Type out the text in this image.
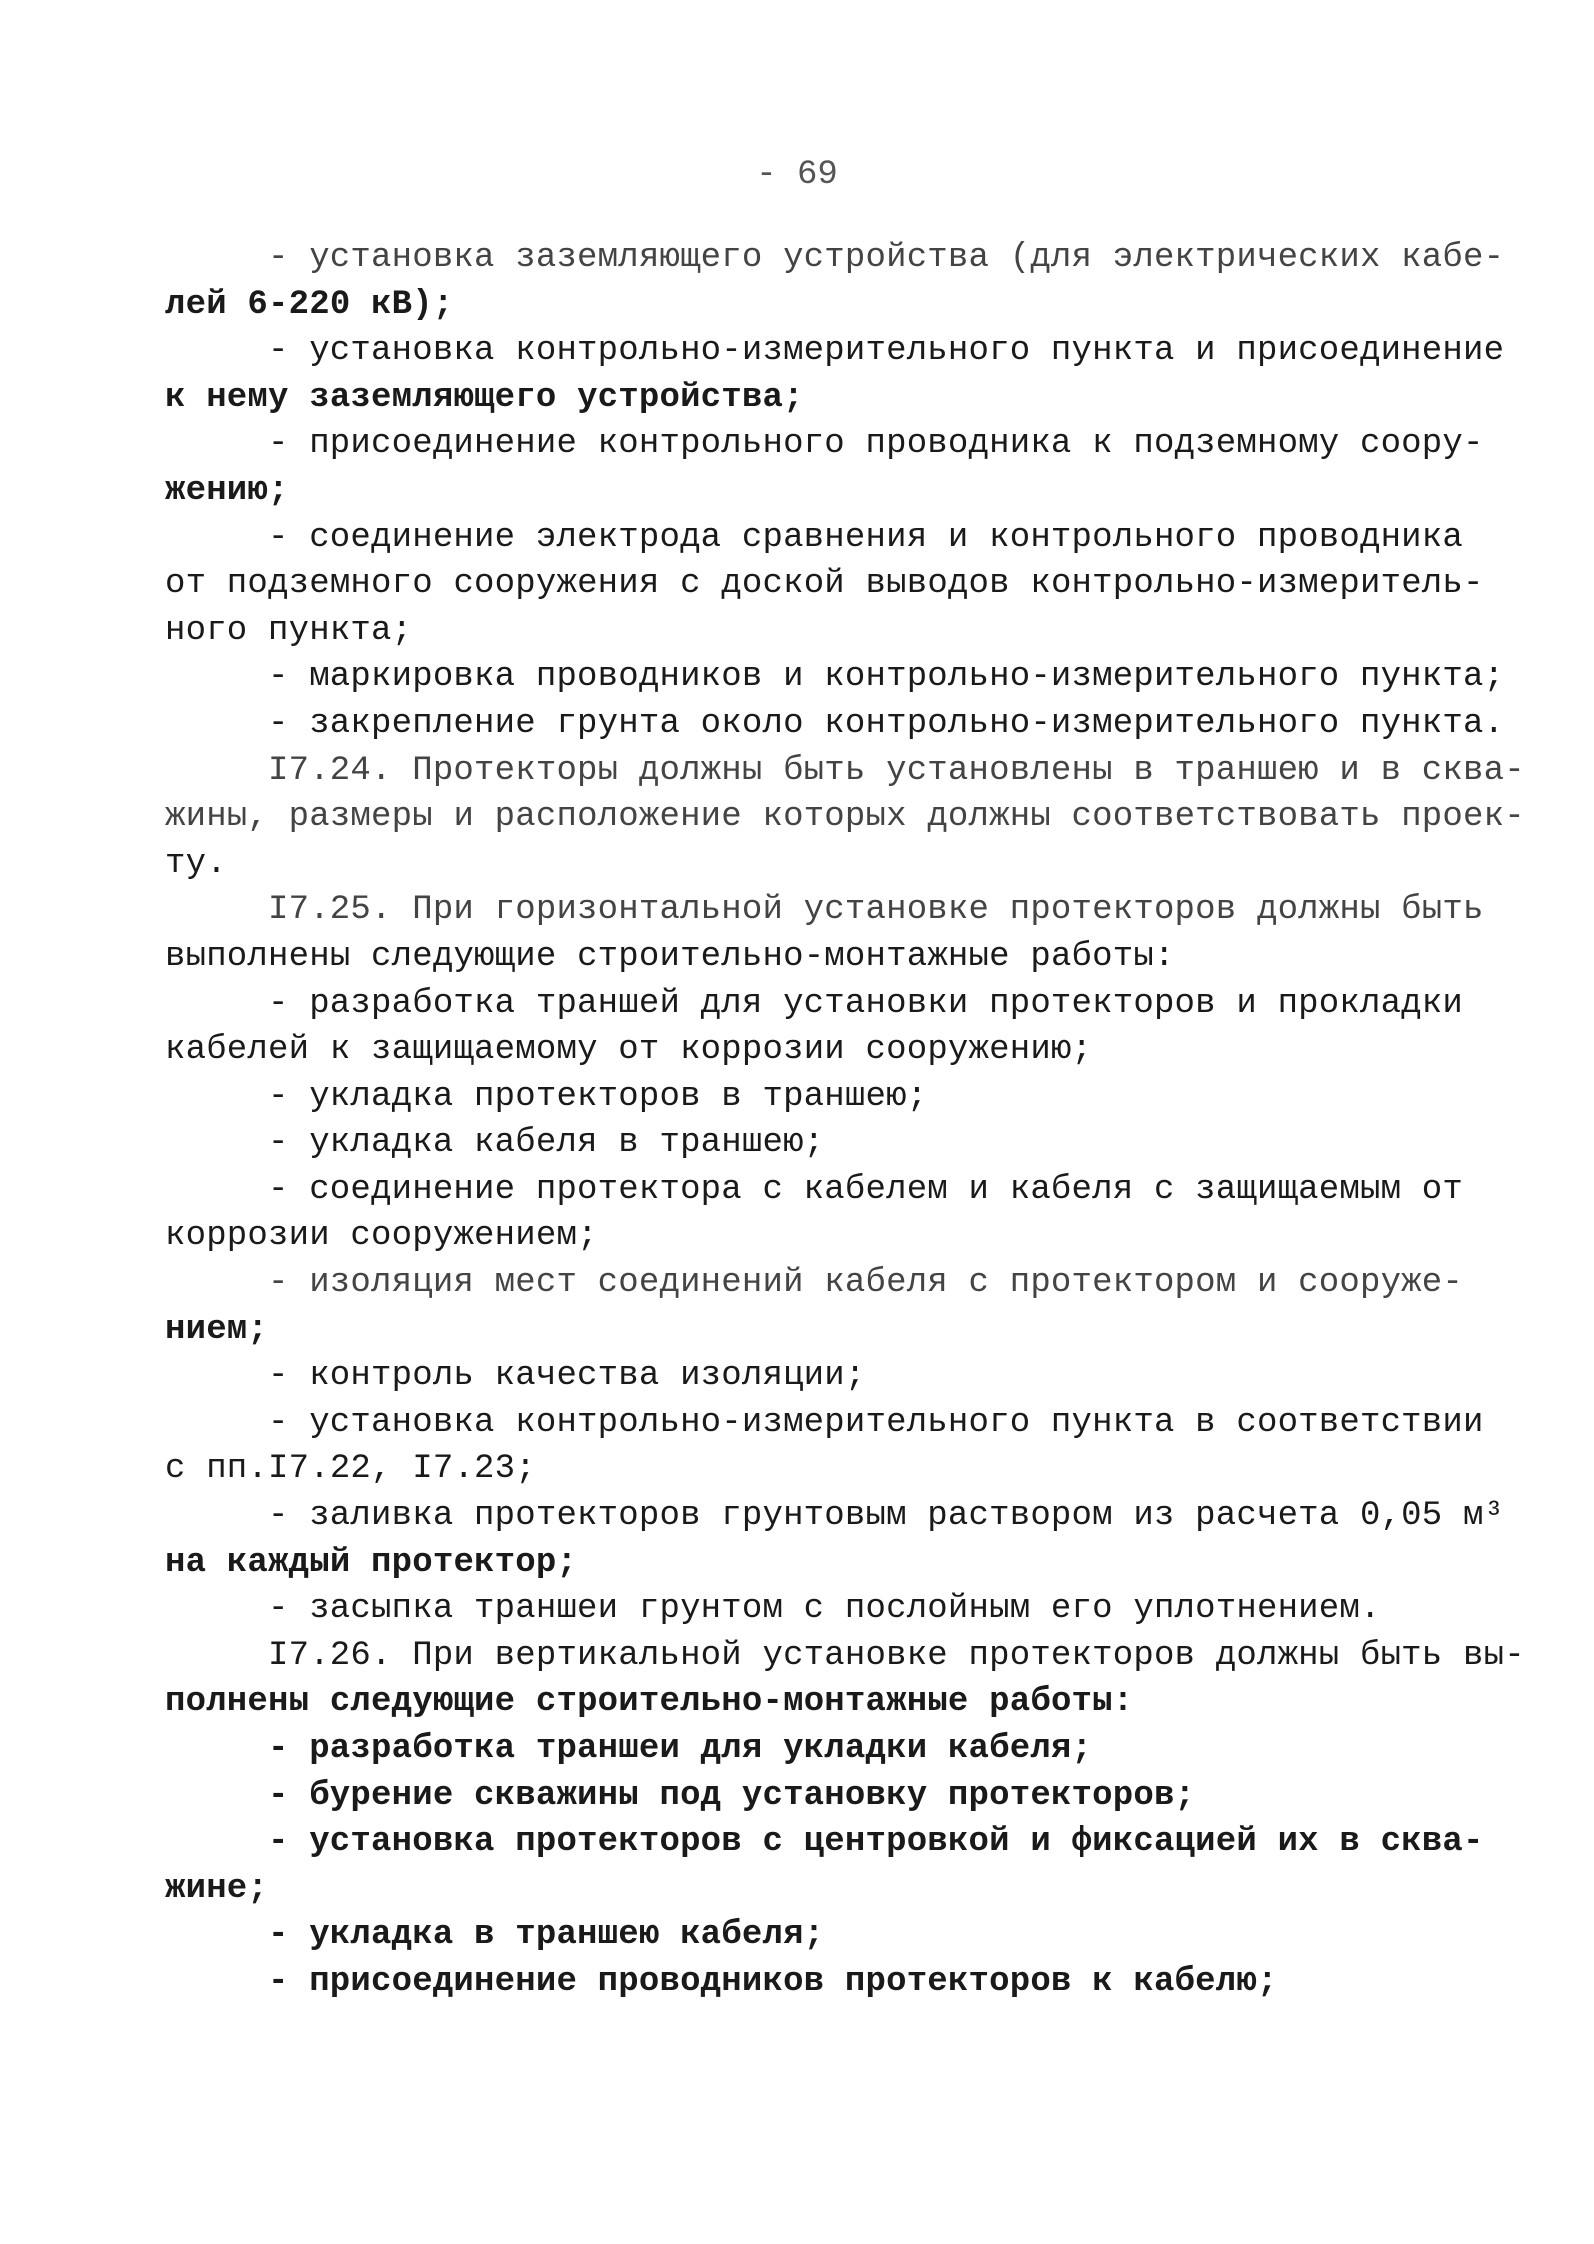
- 69
- установка заземляющего устройства (для электрических кабе-
лей 6-220 кВ);
- установка контрольно-измерительного пункта и присоединение
к нему заземляющего устройства;
- присоединение контрольного проводника к подземному соору-
жению;
- соединение электрода сравнения и контрольного проводника
от подземного сооружения с доской выводов контрольно-измеритель-
ного пункта;
- маркировка проводников и контрольно-измерительного пункта;
- закрепление грунта около контрольно-измерительного пункта.
I7.24. Протекторы должны быть установлены в траншею и в сква-
жины, размеры и расположение которых должны соответствовать проек-
ту.
I7.25. При горизонтальной установке протекторов должны быть
выполнены следующие строительно-монтажные работы:
- разработка траншей для установки протекторов и прокладки
кабелей к защищаемому от коррозии сооружению;
- укладка протекторов в траншею;
- укладка кабеля в траншею;
- соединение протектора с кабелем и кабеля с защищаемым от
коррозии сооружением;
- изоляция мест соединений кабеля с протектором и сооруже-
нием;
- контроль качества изоляции;
- установка контрольно-измерительного пункта в соответствии
с пп.I7.22, I7.23;
- заливка протекторов грунтовым раствором из расчета 0,05 м³
на каждый протектор;
- засыпка траншеи грунтом с послойным его уплотнением.
I7.26. При вертикальной установке протекторов должны быть вы-
полнены следующие строительно-монтажные работы:
- разработка траншеи для укладки кабеля;
- бурение скважины под установку протекторов;
- установка протекторов с центровкой и фиксацией их в сква-
жине;
- укладка в траншею кабеля;
- присоединение проводников протекторов к кабелю;
